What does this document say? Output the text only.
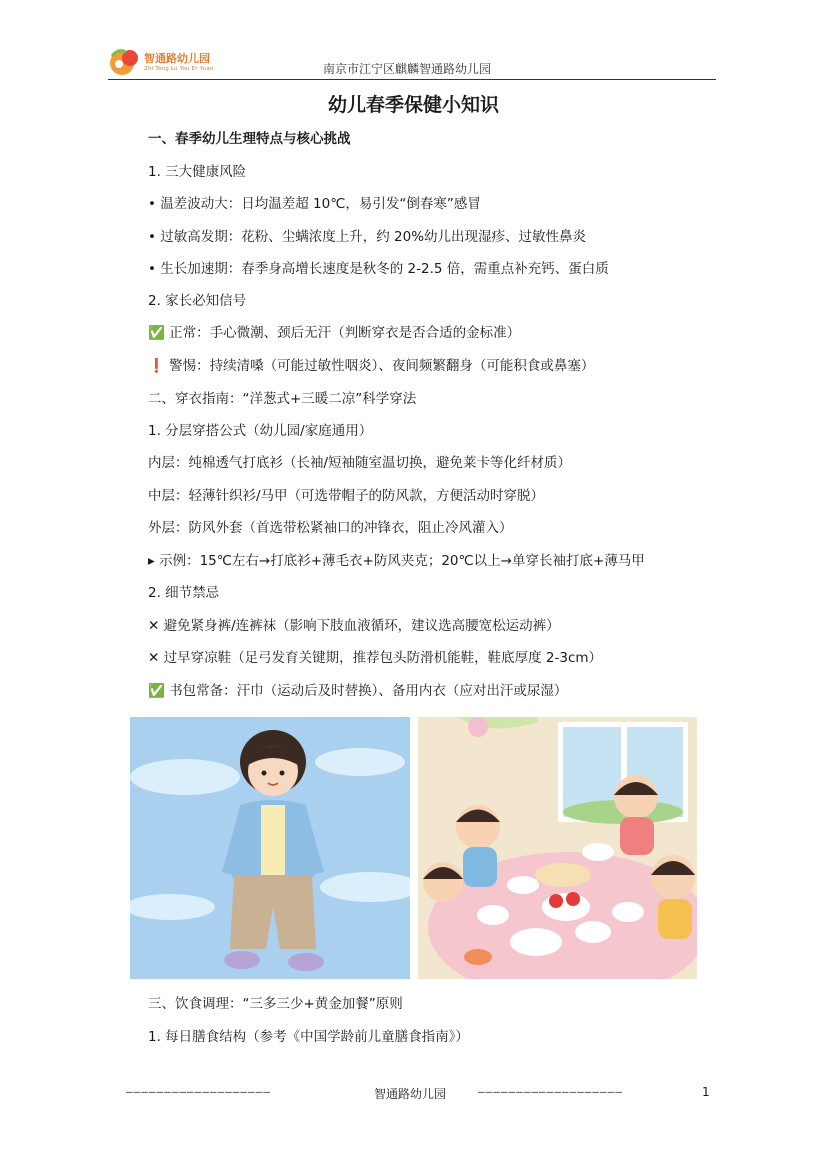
智通路幼儿园
Zhi Tong Lu You Er Yuan	南京市江宁区麒麟智通路幼儿园
幼儿春季保健小知识
一、春季幼儿生理特点与核心挑战
1. 三大健康风险
• 温差波动大：日均温差超 10℃，易引发“倒春寒”感冒
• 过敏高发期：花粉、尘螨浓度上升，约 20%幼儿出现湿疹、过敏性鼻炎
• 生长加速期：春季身高增长速度是秋冬的 2-2.5 倍，需重点补充钙、蛋白质
2. 家长必知信号
✅ 正常：手心微潮、颈后无汗（判断穿衣是否合适的金标准）
❗ 警惕：持续清嗓（可能过敏性咽炎）、夜间频繁翻身（可能积食或鼻塞）
二、穿衣指南：“洋葱式+三暖二凉”科学穿法
1. 分层穿搭公式（幼儿园/家庭通用）
内层：纯棉透气打底衫（长袖/短袖随室温切换，避免莱卡等化纤材质）
中层：轻薄针织衫/马甲（可选带帽子的防风款，方便活动时穿脱）
外层：防风外套（首选带松紧袖口的冲锋衣，阻止冷风灌入）
▸ 示例：15℃左右→打底衫+薄毛衣+防风夹克；20℃以上→单穿长袖打底+薄马甲
2. 细节禁忌
✕ 避免紧身裤/连裤袜（影响下肢血液循环，建议选高腰宽松运动裤）
✕ 过早穿凉鞋（足弓发育关键期，推荐包头防滑机能鞋，鞋底厚度 2-3cm）
✅ 书包常备：汗巾（运动后及时替换）、备用内衣（应对出汗或尿湿）
三、饮食调理：“三多三少+黄金加餐”原则
1. 每日膳食结构（参考《中国学龄前儿童膳食指南》）
———————————————————	智通路幼儿园	———————————————————	1
